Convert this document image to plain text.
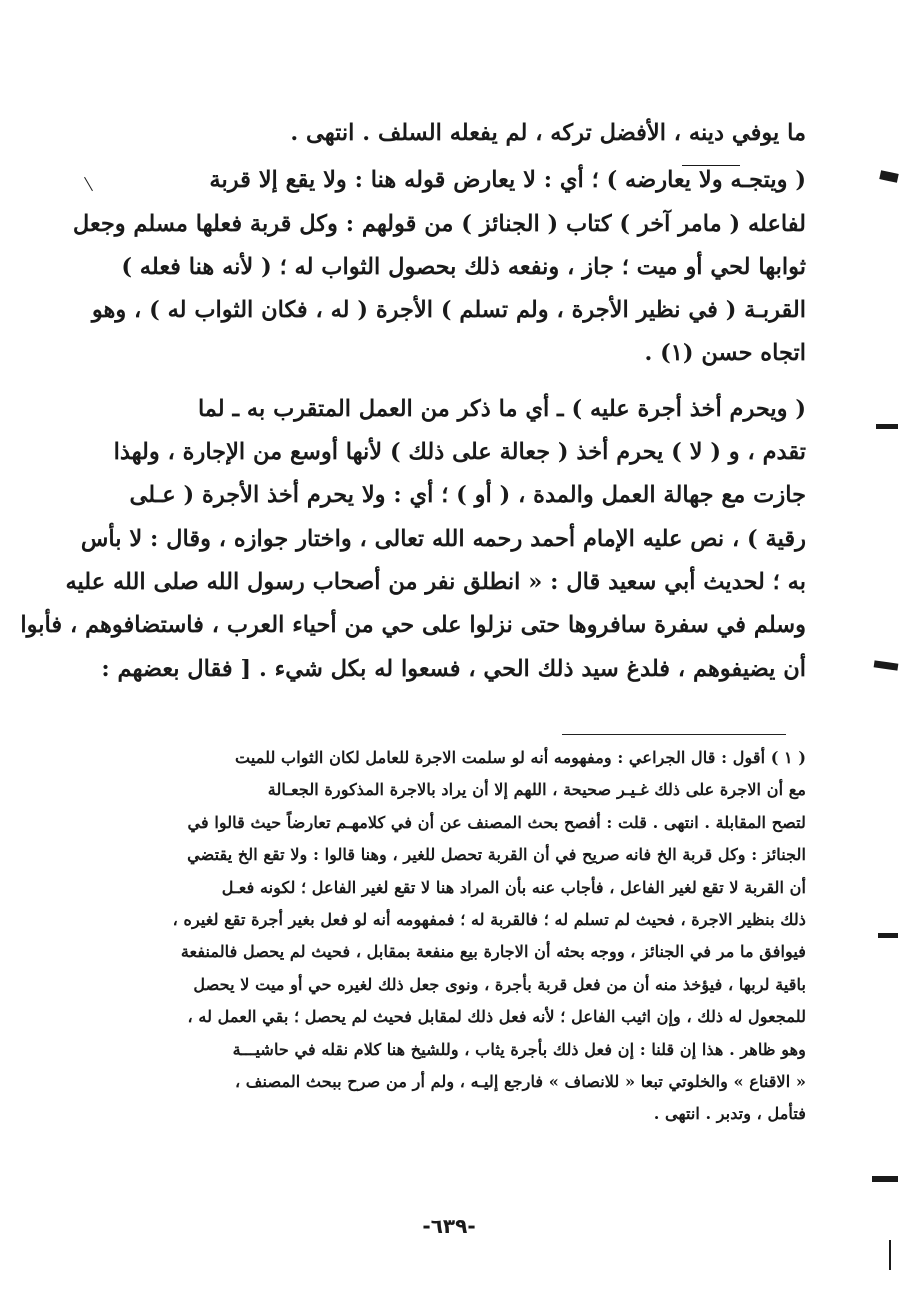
ما يوفي دينه ، الأفضل تركه ، لم يفعله السلف . انتهى .

( ويتجـه ولا يعارضه ) ؛ أي : لا يعارض قوله هنا : ولا يقع إلا قربة
لفاعله ( مامر آخر ) كتاب ( الجنائز ) من قولهم : وكل قربة فعلها مسلم وجعل
ثوابها لحي أو ميت ؛ جاز ، ونفعه ذلك بحصول الثواب له ؛ ( لأنه هنا فعله )
القربـة ( في نظير الأجرة ، ولم تسلم ) الأجرة ( له ، فكان الثواب له ) ، وهو
اتجاه حسن (١) .

( ويحرم أخذ أجرة عليه ) ـ أي ما ذكر من العمل المتقرب به ـ لما
تقدم ، و ( لا ) يحرم أخذ ( جعالة على ذلك ) لأنها أوسع من الإجارة ، ولهذا
جازت مع جهالة العمل والمدة ، ( أو ) ؛ أي : ولا يحرم أخذ الأجرة ( عـلى
رقية ) ، نص عليه الإمام أحمد رحمه الله تعالى ، واختار جوازه ، وقال : لا بأس
به ؛ لحديث أبي سعيد قال : « انطلق نفر من أصحاب رسول الله صلى الله عليه
وسلم في سفرة سافروها حتى نزلوا على حي من أحياء العرب ، فاستضافوهم ، فأبوا
أن يضيفوهم ، فلدغ سيد ذلك الحي ، فسعوا له بكل شيء . [ فقال بعضهم :

( ١ ) أقول : قال الجراعي : ومفهومه أنه لو سلمت الاجرة للعامل لكان الثواب للميت
مع أن الاجرة على ذلك غـيـر صحيحة ، اللهم إلا أن يراد بالاجرة المذكورة الجعـالة
لتصح المقابلة . انتهى . قلت : أفصح بحث المصنف عن أن في كلامهـم تعارضاً حيث قالوا في
الجنائز : وكل قربة الخ فانه صريح في أن القربة تحصل للغير ، وهنا قالوا : ولا تقع الخ يقتضي
أن القربة لا تقع لغير الفاعل ، فأجاب عنه بأن المراد هنا لا تقع لغير الفاعل ؛ لكونه فعـل
ذلك بنظير الاجرة ، فحيث لم تسلم له ؛ فالقربة له ؛ فمفهومه أنه لو فعل بغير أجرة تقع لغيره ،
فيوافق ما مر في الجنائز ، ووجه بحثه أن الاجارة بيع منفعة بمقابل ، فحيث لم يحصل فالمنفعة
باقية لربها ، فيؤخذ منه أن من فعل قربة بأجرة ، ونوى جعل ذلك لغيره حي أو ميت لا يحصل
للمجعول له ذلك ، وإن اثيب الفاعل ؛ لأنه فعل ذلك لمقابل فحيث لم يحصل ؛ بقي العمل له ،
وهو ظاهر . هذا إن قلنا : إن فعل ذلك بأجرة يثاب ، وللشيخ هنا كلام نقله في حاشيـــة
« الاقناع » والخلوتي تبعا « للانصاف » فارجع إليـه ، ولم أر من صرح ببحث المصنف ،
فتأمل ، وتدبر . انتهى .
-٦٣٩-
